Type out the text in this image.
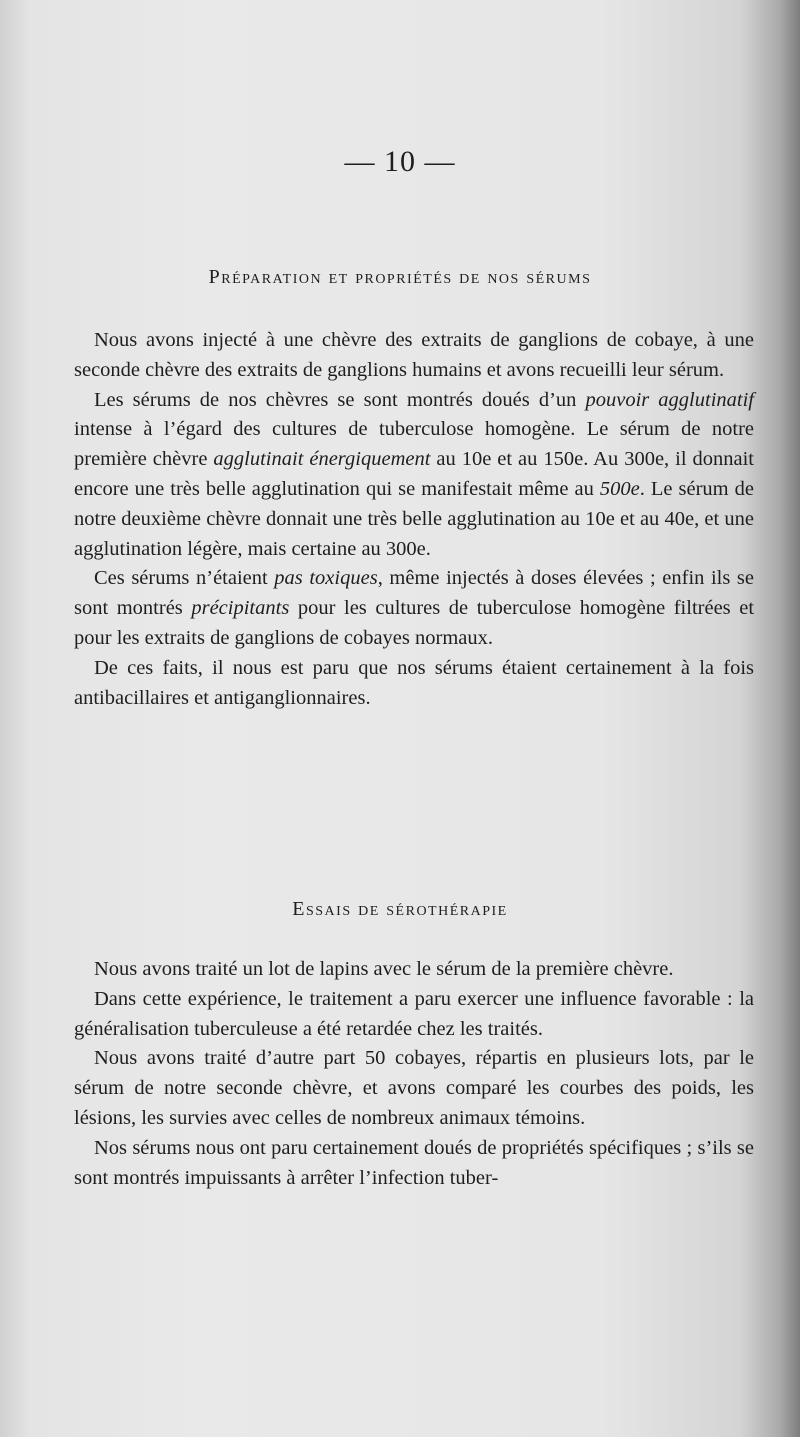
— 10 —
Préparation et propriétés de nos sérums

Nous avons injecté à une chèvre des extraits de ganglions de cobaye, à une seconde chèvre des extraits de ganglions humains et avons recueilli leur sérum.

Les sérums de nos chèvres se sont montrés doués d’un pouvoir agglutinatif intense à l’égard des cultures de tuberculose homogène. Le sérum de notre première chèvre agglutinait énergiquement au 10e et au 150e. Au 300e, il donnait encore une très belle agglutination qui se manifestait même au 500e. Le sérum de notre deuxième chèvre donnait une très belle agglutination au 10e et au 40e, et une agglutination légère, mais certaine au 300e.

Ces sérums n’étaient pas toxiques, même injectés à doses élevées ; enfin ils se sont montrés précipitants pour les cultures de tuberculose homogène filtrées et pour les extraits de ganglions de cobayes normaux.

De ces faits, il nous est paru que nos sérums étaient certainement à la fois antibacillaires et antiganglionnaires.

Essais de sérothérapie

Nous avons traité un lot de lapins avec le sérum de la première chèvre.

Dans cette expérience, le traitement a paru exercer une influence favorable : la généralisation tuberculeuse a été retardée chez les traités.

Nous avons traité d’autre part 50 cobayes, répartis en plusieurs lots, par le sérum de notre seconde chèvre, et avons comparé les courbes des poids, les lésions, les survies avec celles de nombreux animaux témoins.

Nos sérums nous ont paru certainement doués de propriétés spécifiques ; s’ils se sont montrés impuissants à arrêter l’infection tuber-
